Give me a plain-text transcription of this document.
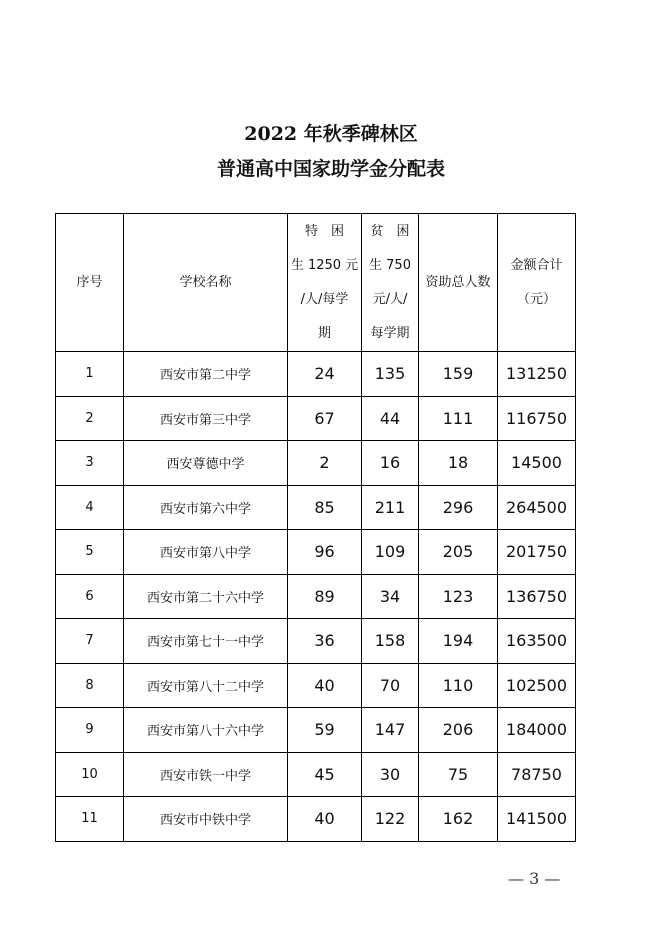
2022 年秋季碑林区
普通高中国家助学金分配表
序号	学校名称	特　困
生 1250 元
/人/每学
期	贫　困
生 750
元/人/
每学期	资助总人数	金额合计
（元）

1	西安市第二中学	24	135	159	131250
2	西安市第三中学	67	44	111	116750
3	西安尊德中学	2	16	18	14500
4	西安市第六中学	85	211	296	264500
5	西安市第八中学	96	109	205	201750
6	西安市第二十六中学	89	34	123	136750
7	西安市第七十一中学	36	158	194	163500
8	西安市第八十二中学	40	70	110	102500
9	西安市第八十六中学	59	147	206	184000
10	西安市铁一中学	45	30	75	78750
11	西安市中铁中学	40	122	162	141500
— 3 —
